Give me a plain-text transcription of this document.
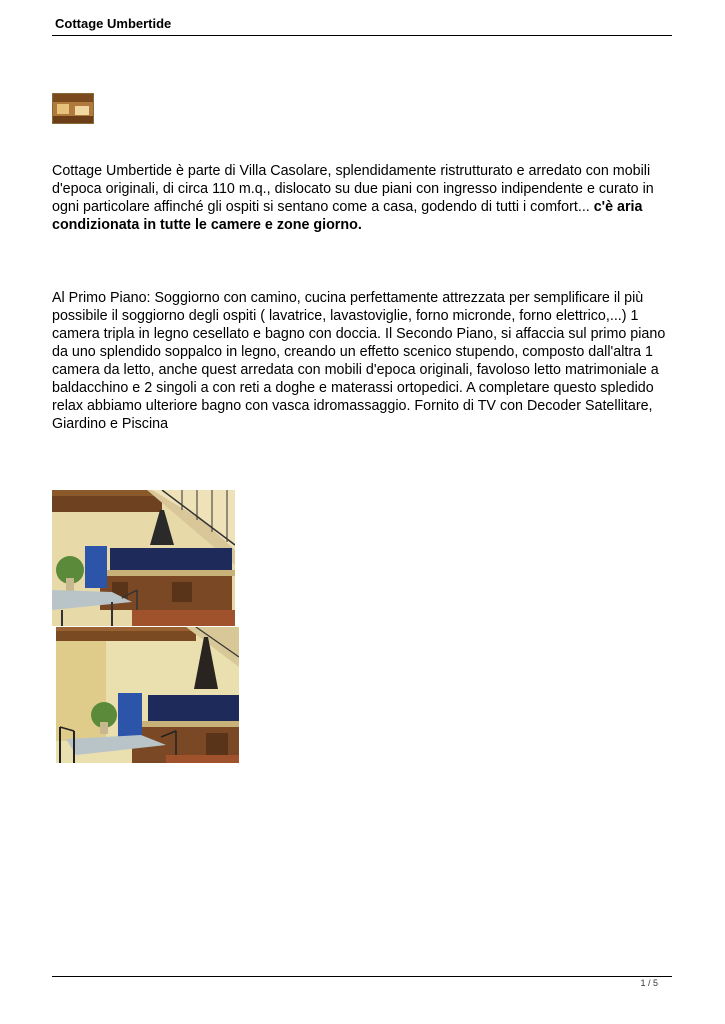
Cottage Umbertide
Cottage Umbertide è parte di Villa Casolare, splendidamente ristrutturato e arredato con mobili d'epoca originali, di circa 110 m.q., dislocato su due piani con ingresso indipendente e curato in ogni particolare affinché gli ospiti si sentano come a casa, godendo di tutti i comfort... c'è aria condizionata in tutte le camere e zone giorno.
Al Primo Piano: Soggiorno con camino, cucina perfettamente attrezzata per semplificare il più possibile il soggiorno degli ospiti ( lavatrice, lavastoviglie, forno micronde, forno elettrico,...) 1 camera tripla in legno cesellato e bagno con doccia. Il Secondo Piano, si affaccia sul primo piano da uno splendido soppalco in legno, creando un effetto scenico stupendo, composto dall'altra 1 camera da letto, anche quest arredata con mobili d'epoca originali, favoloso letto matrimoniale a baldacchino e 2 singoli a con reti a doghe e materassi ortopedici. A completare questo spledido relax abbiamo ulteriore bagno con vasca idromassaggio. Fornito di TV con Decoder Satellitare, Giardino e Piscina
1 / 5
